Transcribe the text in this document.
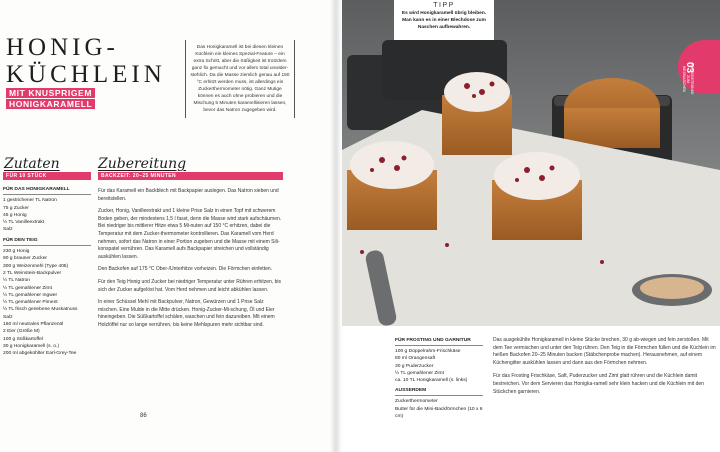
HONIG-
KÜCHLEIN
MIT KNUSPRIGEM
HONIGKARAMELL
Das Honigkaramell ist bei diesen kleinen Küchlein ein kleines Spezial-Feature – ein extra Schritt, aber die Süßigkeit ist trotzdem ganz fix gemacht und vor allem total unwider-stehlich. Da die Masse ziemlich genau auf 150 °C erhitzt werden muss, ist allerdings ein Zuckerthermometer nötig. Ganz Mutige können es auch ohne probieren und die Mischung 5 Minuten karamellisieren lassen, bevor das Natron zugegeben wird.
Zutaten
FÜR 10 STÜCK
FÜR DAS HONIGKARAMELL
1 gestrichener TL Natron
75 g Zucker
45 g Honig
½ TL Vanilleextrakt
Salz
FÜR DEN TEIG
230 g Honig
90 g brauner Zucker
300 g Weizenmehl (Type 405)
2 TL Weinstein-Backpulver
½ TL Natron
½ TL gemahlener Zimt
½ TL gemahlener Ingwer
½ TL gemahlener Piment
½ TL frisch geriebene Muskatnuss
Salz
160 ml neutrales Pflanzenöl
2 Eier (Größe M)
100 g Süßkartoffel
30 g Honigkaramell (s. o.)
200 ml abgekühlter Earl-Grey-Tee
Zubereitung
BACKZEIT: 20–25 MINUTEN

Für das Karamell ein Backblech mit Backpapier auslegen. Das Natron sieben und bereitstellen.

Zucker, Honig, Vanilleextrakt und 1 kleine Prise Salz in einen Topf mit schwerem Boden geben, der mindestens 1,5 l fasst, denn die Masse wird stark aufschäumen. Bei niedriger bis mittlerer Hitze etwa 5 Mi-nuten auf 150 °C erhitzen, dabei die Temperatur mit dem Zucker-thermometer kontrollieren. Das Karamell vom Herd nehmen, sofort das Natron in einer Portion zugeben und die Masse mit einem Sili-konspatel verrühren. Das Karamell aufs Backpapier streichen und vollständig auskühlen lassen.

Den Backofen auf 175 °C Ober-/Unterhitze vorheizen. Die Förmchen einfetten.

Für den Teig Honig und Zucker bei niedriger Temperatur unter Rühren erhitzen, bis sich der Zucker aufgelöst hat. Vom Herd nehmen und leicht abkühlen lassen.

In einer Schüssel Mehl mit Backpulver, Natron, Gewürzen und 1 Prise Salz mischen. Eine Mulde in die Mitte drücken. Honig-Zucker-Mi-schung, Öl und Eier hineingeben. Die Süßkartoffel schälen, waschen und fein dazureiben. Mit einem Holzlöffel nur so lange verrühren, bis keine Mehlspuren mehr sichtbar sind.

86
TIPP
Es wird Honigkaramell übrig bleiben. Man kann es in einer Blechdose zum Naschen aufbewahren.
03
HEISSGETRÄNKE ZUM WEGNASCHEN
FÜR FROSTING UND GARNITUR
100 g Doppelrahm-Frischkäse
80 ml Orangensaft
30 g Puderzucker
½ TL gemahlener Zimt
ca. 10 TL Honigkaramell (s. links)
AUSSERDEM
Zuckerthermometer
Butter für die Mini-Backförmchen (10 x 6 cm)

Das ausgekühlte Honigkaramell in kleine Stücke brechen, 30 g ab-wiegen und fein zerstoßen. Mit dem Tee vermischen und unter den Teig rühren. Den Teig in die Förmchen füllen und die Küchlein im heißen Backofen 20–25 Minuten backen (Stäbchenprobe machen). Herausnehmen, auf einem Küchengitter auskühlen lassen und dann aus den Förmchen nehmen.

Für das Frosting Frischkäse, Saft, Puderzucker und Zimt glatt rühren und die Küchlein damit bestreichen. Vor dem Servieren das Honigka-ramell sehr klein hacken und die Küchlein mit den Stückchen garnieren.
